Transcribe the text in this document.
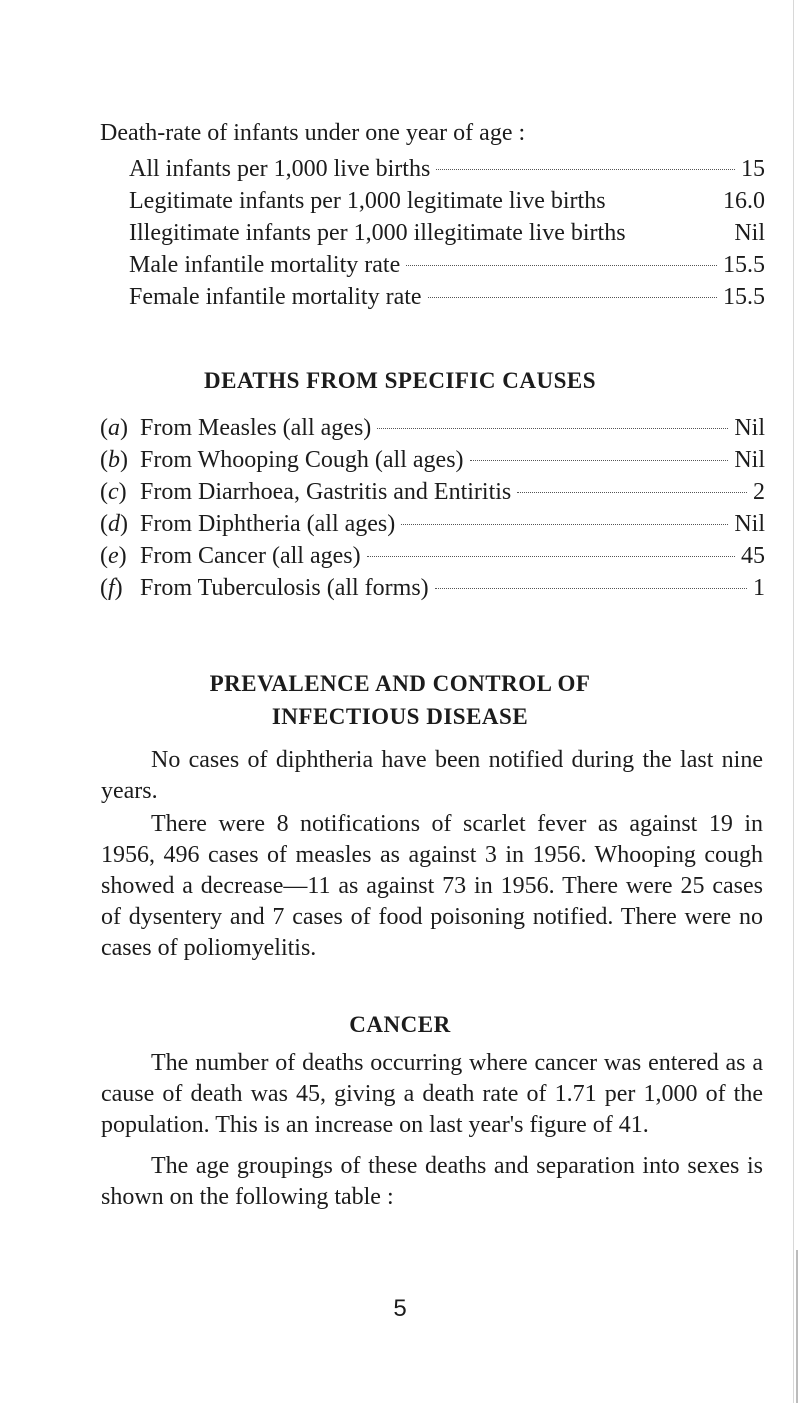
Death-rate of infants under one year of age :
All infants per 1,000 live births	15
Legitimate infants per 1,000 legitimate live births	16.0
Illegitimate infants per 1,000 illegitimate live births	Nil
Male infantile mortality rate	15.5
Female infantile mortality rate	15.5
DEATHS FROM SPECIFIC CAUSES
(a) From Measles (all ages)	Nil
(b) From Whooping Cough (all ages)	Nil
(c) From Diarrhoea, Gastritis and Entiritis	2
(d) From Diphtheria (all ages)	Nil
(e) From Cancer (all ages)	45
(f) From Tuberculosis (all forms)	1
PREVALENCE AND CONTROL OF
INFECTIOUS DISEASE

No cases of diphtheria have been notified during the last nine years.

There were 8 notifications of scarlet fever as against 19 in 1956, 496 cases of measles as against 3 in 1956. Whooping cough showed a decrease—11 as against 73 in 1956. There were 25 cases of dysentery and 7 cases of food poisoning notified. There were no cases of poliomyelitis.

CANCER

The number of deaths occurring where cancer was entered as a cause of death was 45, giving a death rate of 1.71 per 1,000 of the population. This is an increase on last year's figure of 41.

The age groupings of these deaths and separation into sexes is shown on the following table :

5
